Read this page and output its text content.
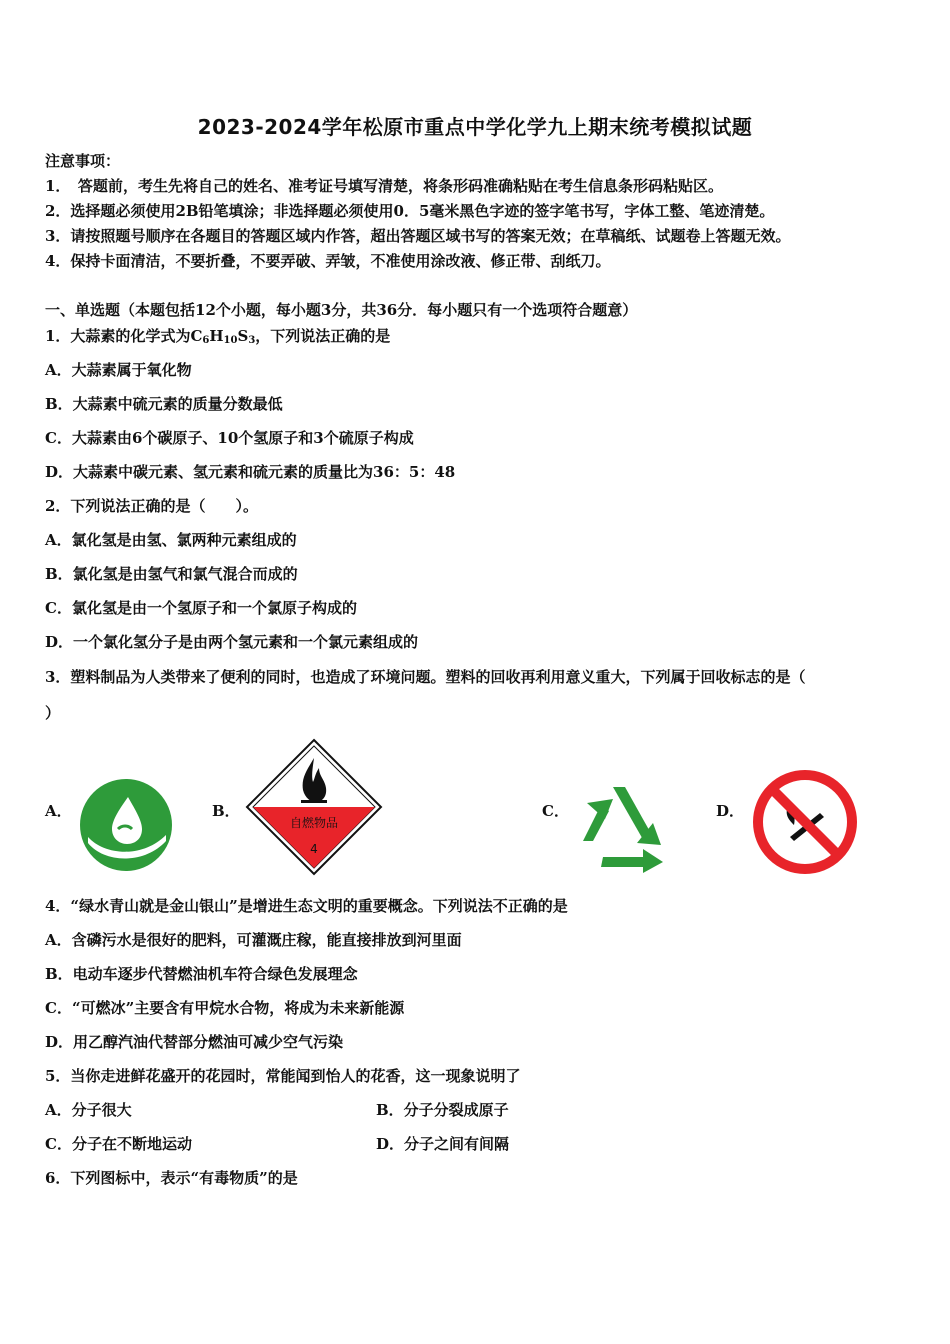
2023-2024学年松原市重点中学化学九上期末统考模拟试题
注意事项：
1．　答题前，考生先将自己的姓名、准考证号填写清楚，将条形码准确粘贴在考生信息条形码粘贴区。
2．选择题必须使用2B铅笔填涂；非选择题必须使用0．5毫米黑色字迹的签字笔书写，字体工整、笔迹清楚。
3．请按照题号顺序在各题目的答题区域内作答，超出答题区域书写的答案无效；在草稿纸、试题卷上答题无效。
4．保持卡面清洁，不要折叠，不要弄破、弄皱，不准使用涂改液、修正带、刮纸刀。
一、单选题（本题包括12个小题，每小题3分，共36分．每小题只有一个选项符合题意）
1．大蒜素的化学式为$C_6H_{10}S_3$，下列说法正确的是
A．大蒜素属于氧化物
B．大蒜素中硫元素的质量分数最低
C．大蒜素由6个碳原子、10个氢原子和3个硫原子构成
D．大蒜素中碳元素、氢元素和硫元素的质量比为36：5：48
2．下列说法正确的是（　　）。
A．氯化氢是由氢、氯两种元素组成的
B．氯化氢是由氢气和氯气混合而成的
C．氯化氢是由一个氢原子和一个氯原子构成的
D．一个氯化氢分子是由两个氢元素和一个氯元素组成的
3．塑料制品为人类带来了便利的同时，也造成了环境问题。塑料的回收再利用意义重大，下列属于回收标志的是（
）
A．	B．
自燃物品
4
C．	D．
4．“绿水青山就是金山银山”是增进生态文明的重要概念。下列说法不正确的是
A．含磷污水是很好的肥料，可灌溉庄稼，能直接排放到河里面
B．电动车逐步代替燃油机车符合绿色发展理念
C．“可燃冰”主要含有甲烷水合物，将成为未来新能源
D．用乙醇汽油代替部分燃油可减少空气污染
5．当你走进鲜花盛开的花园时，常能闻到怡人的花香，这一现象说明了
A．分子很大	B．分子分裂成原子
C．分子在不断地运动	D．分子之间有间隔
6．下列图标中，表示“有毒物质”的是
